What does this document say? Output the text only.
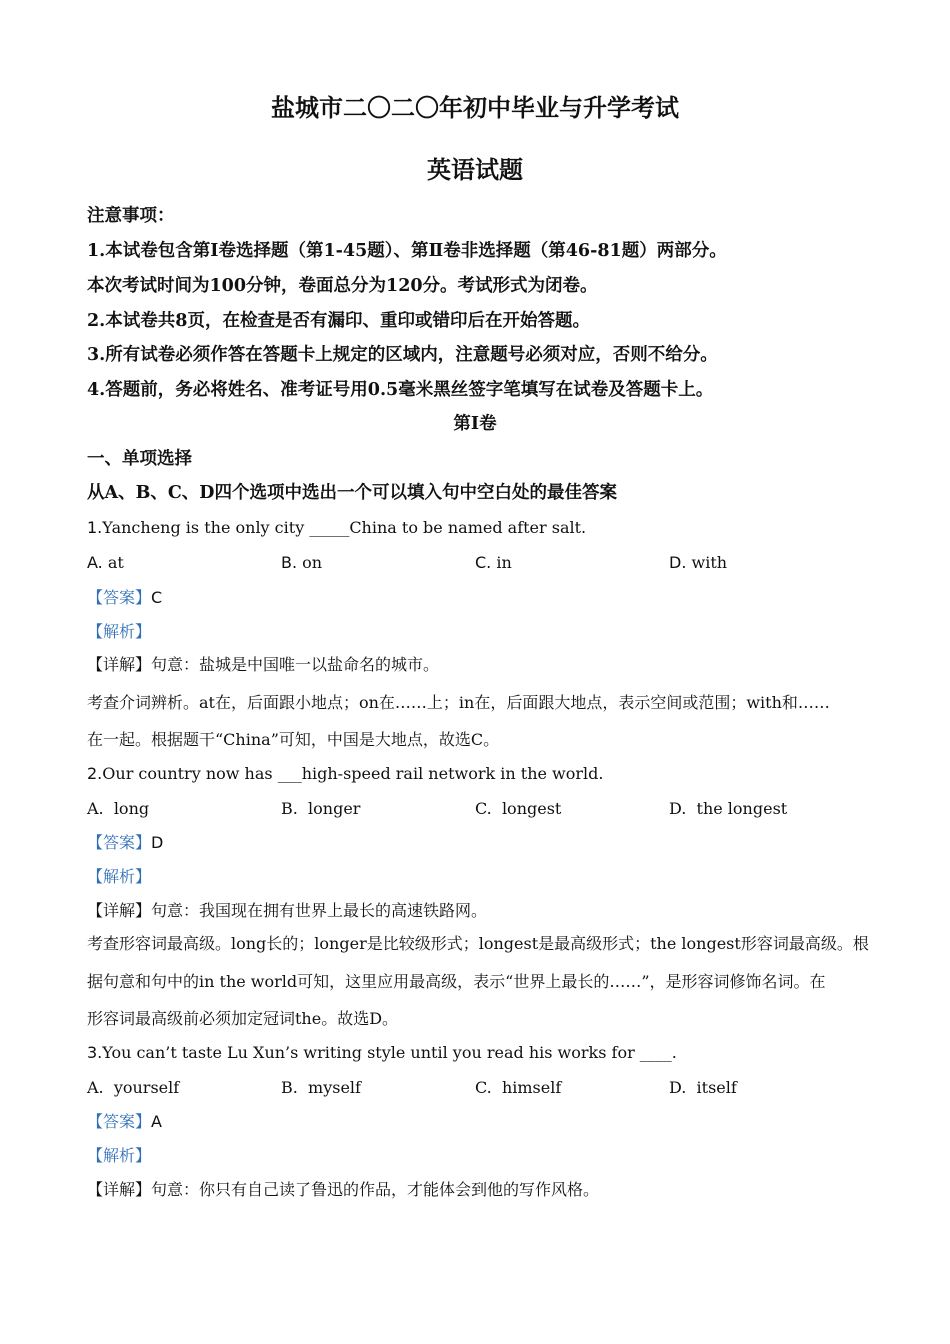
盐城市二〇二〇年初中毕业与升学考试
英语试题
注意事项：
1.本试卷包含第Ⅰ卷选择题（第1-45题）、第Ⅱ卷非选择题（第46-81题）两部分。
本次考试时间为100分钟，卷面总分为120分。考试形式为闭卷。
2.本试卷共8页，在检查是否有漏印、重印或错印后在开始答题。
3.所有试卷必须作答在答题卡上规定的区域内，注意题号必须对应，否则不给分。
4.答题前，务必将姓名、准考证号用0.5毫米黑丝签字笔填写在试卷及答题卡上。
第Ⅰ卷
一、单项选择
从A、B、C、D四个选项中选出一个可以填入句中空白处的最佳答案
1.Yancheng is the only city _____China to be named after salt.
A. at	B. on	C. in	D. with
【答案】C
【解析】
【详解】句意：盐城是中国唯一以盐命名的城市。
考查介词辨析。at在，后面跟小地点；on在……上；in在，后面跟大地点，表示空间或范围；with和……
在一起。根据题干“China”可知，中国是大地点，故选C。
2.Our country now has ___high-speed rail network in the world.
A. long	B. longer	C. longest	D. the longest
【答案】D
【解析】
【详解】句意：我国现在拥有世界上最长的高速铁路网。
考查形容词最高级。long长的；longer是比较级形式；longest是最高级形式；the longest形容词最高级。根
据句意和句中的in the world可知，这里应用最高级，表示“世界上最长的……”，是形容词修饰名词。在
形容词最高级前必须加定冠词the。故选D。
3.You can’t taste Lu Xun’s writing style until you read his works for ____.
A. yourself	B. myself	C. himself	D. itself
【答案】A
【解析】
【详解】句意：你只有自己读了鲁迅的作品，才能体会到他的写作风格。
